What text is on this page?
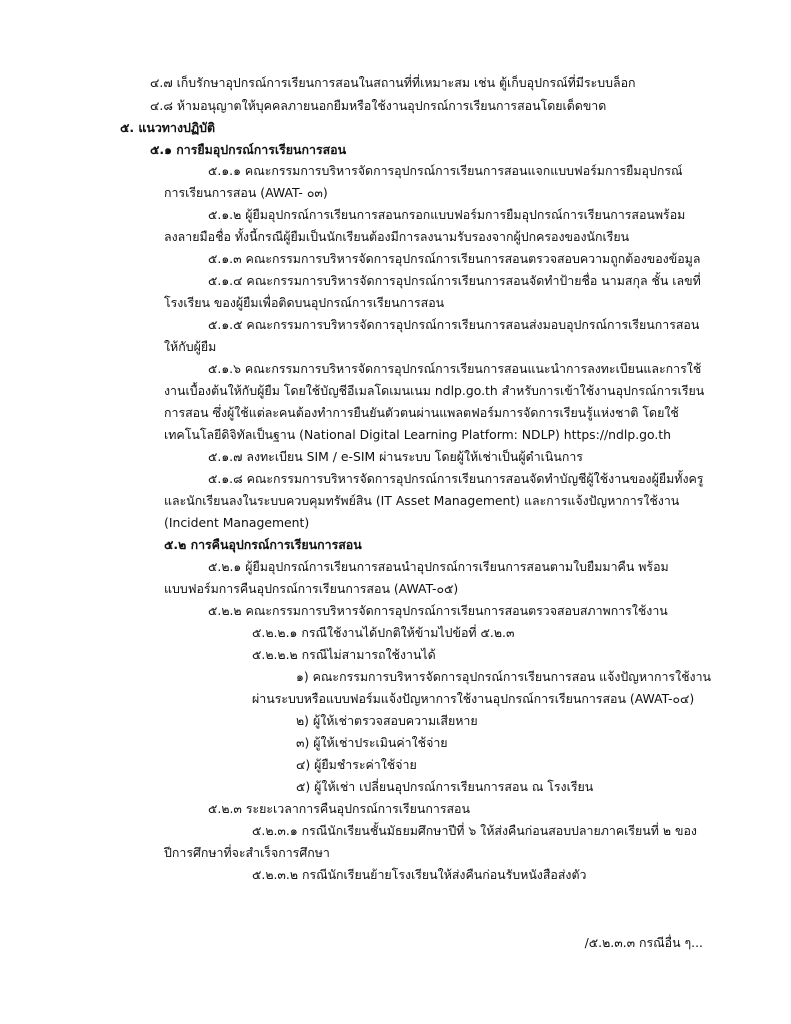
๔.๗ เก็บรักษาอุปกรณ์การเรียนการสอนในสถานที่ที่เหมาะสม เช่น ตู้เก็บอุปกรณ์ที่มีระบบล็อก
๔.๘ ห้ามอนุญาตให้บุคคลภายนอกยืมหรือใช้งานอุปกรณ์การเรียนการสอนโดยเด็ดขาด
๕. แนวทางปฏิบัติ
๕.๑ การยืมอุปกรณ์การเรียนการสอน
๕.๑.๑ คณะกรรมการบริหารจัดการอุปกรณ์การเรียนการสอนแจกแบบฟอร์มการยืมอุปกรณ์
การเรียนการสอน (AWAT- ๐๓)
๕.๑.๒ ผู้ยืมอุปกรณ์การเรียนการสอนกรอกแบบฟอร์มการยืมอุปกรณ์การเรียนการสอนพร้อม
ลงลายมือชื่อ ทั้งนี้กรณีผู้ยืมเป็นนักเรียนต้องมีการลงนามรับรองจากผู้ปกครองของนักเรียน
๕.๑.๓ คณะกรรมการบริหารจัดการอุปกรณ์การเรียนการสอนตรวจสอบความถูกต้องของข้อมูล
๕.๑.๔ คณะกรรมการบริหารจัดการอุปกรณ์การเรียนการสอนจัดทำป้ายชื่อ นามสกุล ชั้น เลขที่
โรงเรียน ของผู้ยืมเพื่อติดบนอุปกรณ์การเรียนการสอน
๕.๑.๕ คณะกรรมการบริหารจัดการอุปกรณ์การเรียนการสอนส่งมอบอุปกรณ์การเรียนการสอน
ให้กับผู้ยืม
๕.๑.๖ คณะกรรมการบริหารจัดการอุปกรณ์การเรียนการสอนแนะนำการลงทะเบียนและการใช้
งานเบื้องต้นให้กับผู้ยืม โดยใช้บัญชีอีเมลโดเมนเนม ndlp.go.th สำหรับการเข้าใช้งานอุปกรณ์การเรียน
การสอน ซึ่งผู้ใช้แต่ละคนต้องทำการยืนยันตัวตนผ่านแพลตฟอร์มการจัดการเรียนรู้แห่งชาติ โดยใช้
เทคโนโลยีดิจิทัลเป็นฐาน (National Digital Learning Platform: NDLP) https://ndlp.go.th
๕.๑.๗ ลงทะเบียน SIM / e-SIM ผ่านระบบ โดยผู้ให้เช่าเป็นผู้ดำเนินการ
๕.๑.๘ คณะกรรมการบริหารจัดการอุปกรณ์การเรียนการสอนจัดทำบัญชีผู้ใช้งานของผู้ยืมทั้งครู
และนักเรียนลงในระบบควบคุมทรัพย์สิน (IT Asset Management) และการแจ้งปัญหาการใช้งาน
(Incident Management)
๕.๒ การคืนอุปกรณ์การเรียนการสอน
๕.๒.๑ ผู้ยืมอุปกรณ์การเรียนการสอนนำอุปกรณ์การเรียนการสอนตามใบยืมมาคืน พร้อม
แบบฟอร์มการคืนอุปกรณ์การเรียนการสอน (AWAT-๐๕)
๕.๒.๒ คณะกรรมการบริหารจัดการอุปกรณ์การเรียนการสอนตรวจสอบสภาพการใช้งาน
๕.๒.๒.๑ กรณีใช้งานได้ปกติให้ข้ามไปข้อที่ ๕.๒.๓
๕.๒.๒.๒ กรณีไม่สามารถใช้งานได้
๑) คณะกรรมการบริหารจัดการอุปกรณ์การเรียนการสอน แจ้งปัญหาการใช้งาน
ผ่านระบบหรือแบบฟอร์มแจ้งปัญหาการใช้งานอุปกรณ์การเรียนการสอน (AWAT-๐๔)
๒) ผู้ให้เช่าตรวจสอบความเสียหาย
๓) ผู้ให้เช่าประเมินค่าใช้จ่าย
๔) ผู้ยืมชำระค่าใช้จ่าย
๕) ผู้ให้เช่า เปลี่ยนอุปกรณ์การเรียนการสอน ณ โรงเรียน
๕.๒.๓ ระยะเวลาการคืนอุปกรณ์การเรียนการสอน
๕.๒.๓.๑ กรณีนักเรียนชั้นมัธยมศึกษาปีที่ ๖ ให้ส่งคืนก่อนสอบปลายภาคเรียนที่ ๒ ของ
ปีการศึกษาที่จะสำเร็จการศึกษา
๕.๒.๓.๒ กรณีนักเรียนย้ายโรงเรียนให้ส่งคืนก่อนรับหนังสือส่งตัว
/๕.๒.๓.๓ กรณีอื่น ๆ...
